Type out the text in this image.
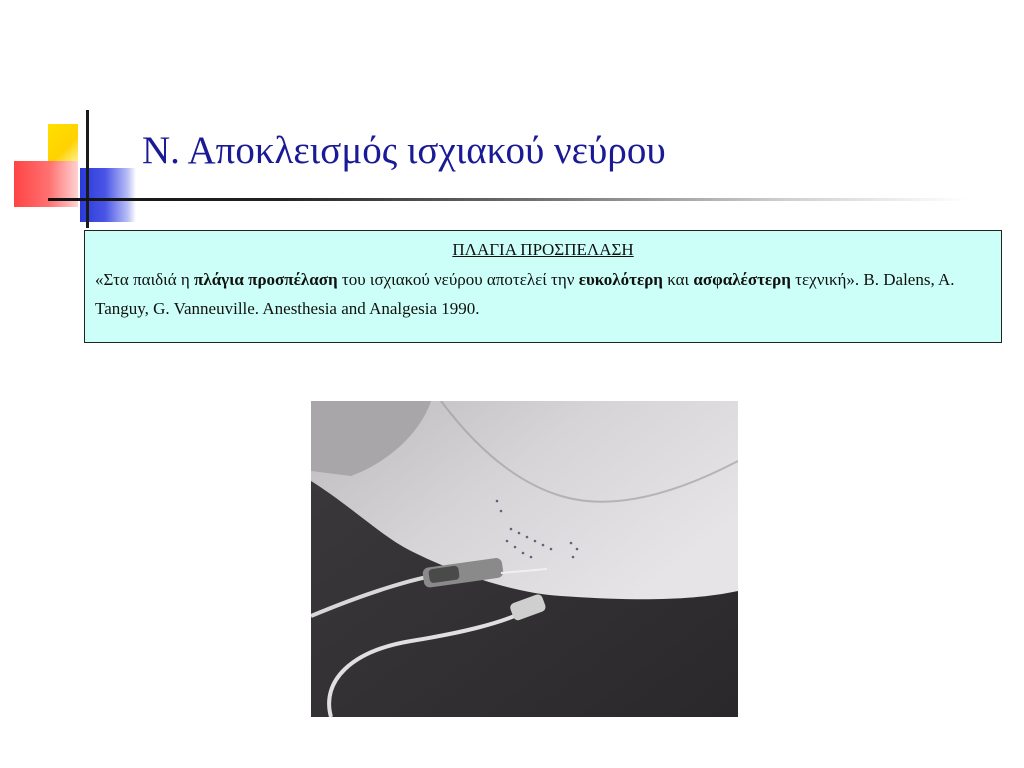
Ν. Αποκλεισμός ισχιακού νεύρου

ΠΛΑΓΙΑ ΠΡΟΣΠΕΛΑΣΗ

«Στα παιδιά η πλάγια προσπέλαση του ισχιακού νεύρου αποτελεί την ευκολότερη και ασφαλέστερη τεχνική». B. Dalens, A. Tanguy, G. Vanneuville. Anesthesia and Analgesia 1990.
